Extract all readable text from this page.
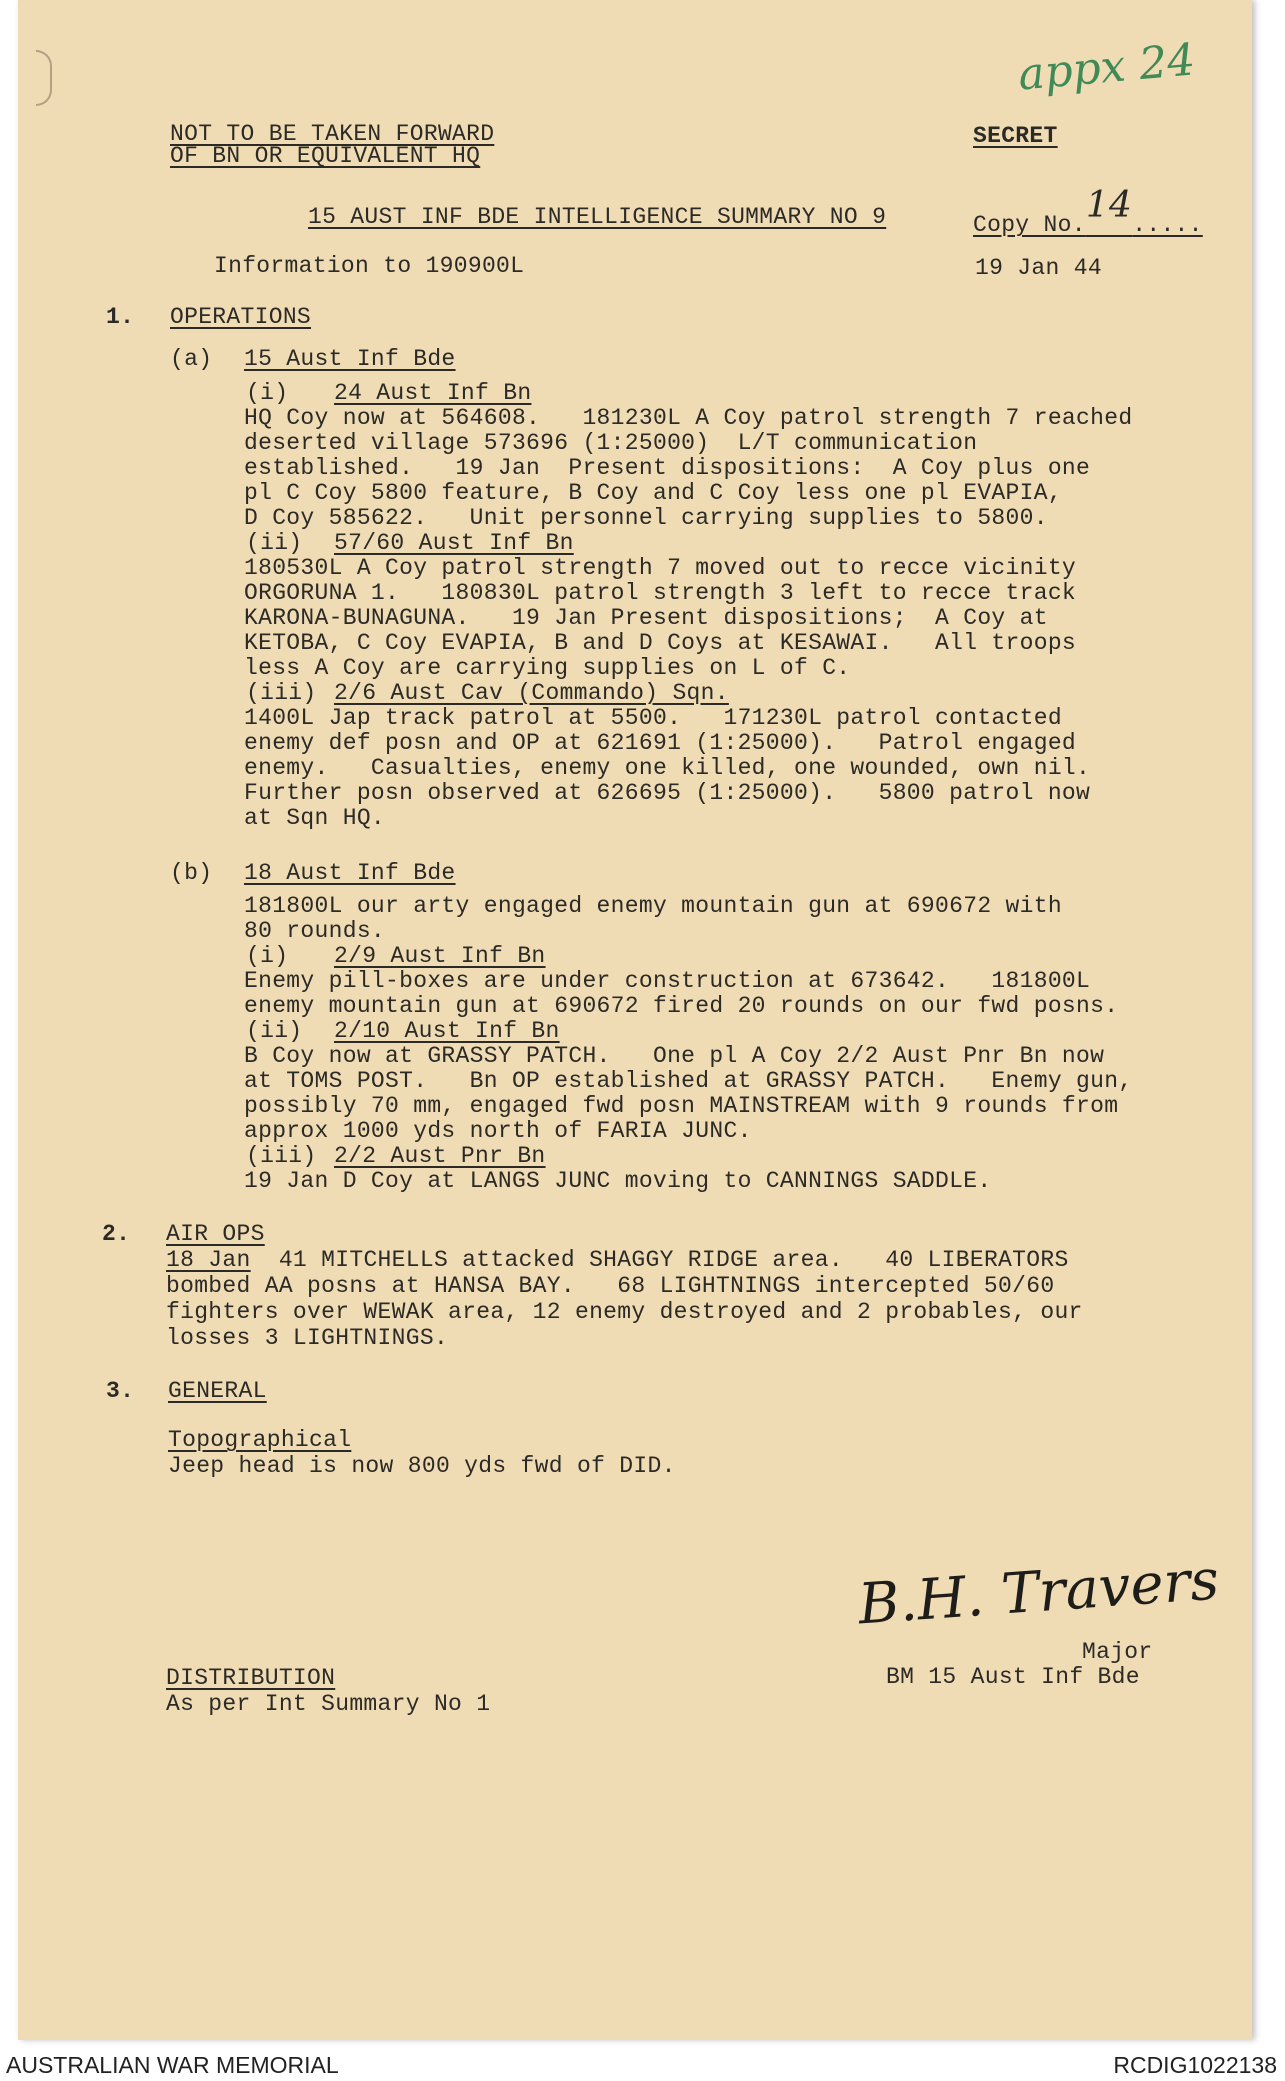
appx 24
NOT TO BE TAKEN FORWARD
OF BN OR EQUIVALENT HQ
SECRET
15 AUST INF BDE INTELLIGENCE SUMMARY NO 9	Copy No.14.....
Information to 190900L	19 Jan 44
1. OPERATIONS
(a) 15 Aust Inf Bde
(i) 24 Aust Inf Bn
HQ Coy now at 564608.   181230L A Coy patrol strength 7 reached
deserted village 573696 (1:25000)  L/T communication
established.   19 Jan  Present dispositions:  A Coy plus one
pl C Coy 5800 feature, B Coy and C Coy less one pl EVAPIA,
D Coy 585622.   Unit personnel carrying supplies to 5800.
(ii) 57/60 Aust Inf Bn
180530L A Coy patrol strength 7 moved out to recce vicinity
ORGORUNA 1.   180830L patrol strength 3 left to recce track
KARONA-BUNAGUNA.   19 Jan Present dispositions;  A Coy at
KETOBA, C Coy EVAPIA, B and D Coys at KESAWAI.   All troops
less A Coy are carrying supplies on L of C.
(iii) 2/6 Aust Cav (Commando) Sqn.
1400L Jap track patrol at 5500.   171230L patrol contacted
enemy def posn and OP at 621691 (1:25000).   Patrol engaged
enemy.   Casualties, enemy one killed, one wounded, own nil.
Further posn observed at 626695 (1:25000).   5800 patrol now
at Sqn HQ.
(b) 18 Aust Inf Bde
181800L our arty engaged enemy mountain gun at 690672 with
80 rounds.
(i) 2/9 Aust Inf Bn
Enemy pill-boxes are under construction at 673642.   181800L
enemy mountain gun at 690672 fired 20 rounds on our fwd posns.
(ii) 2/10 Aust Inf Bn
B Coy now at GRASSY PATCH.   One pl A Coy 2/2 Aust Pnr Bn now
at TOMS POST.   Bn OP established at GRASSY PATCH.   Enemy gun,
possibly 70 mm, engaged fwd posn MAINSTREAM with 9 rounds from
approx 1000 yds north of FARIA JUNC.
(iii) 2/2 Aust Pnr Bn
19 Jan D Coy at LANGS JUNC moving to CANNINGS SADDLE.
2. AIR OPS
18 Jan  41 MITCHELLS attacked SHAGGY RIDGE area.   40 LIBERATORS
bombed AA posns at HANSA BAY.   68 LIGHTNINGS intercepted 50/60
fighters over WEWAK area, 12 enemy destroyed and 2 probables, our
losses 3 LIGHTNINGS.
3. GENERAL
Topographical
Jeep head is now 800 yds fwd of DID.
B.H. Travers
Major
BM 15 Aust Inf Bde
DISTRIBUTION
As per Int Summary No 1
AUSTRALIAN WAR MEMORIAL	RCDIG1022138
